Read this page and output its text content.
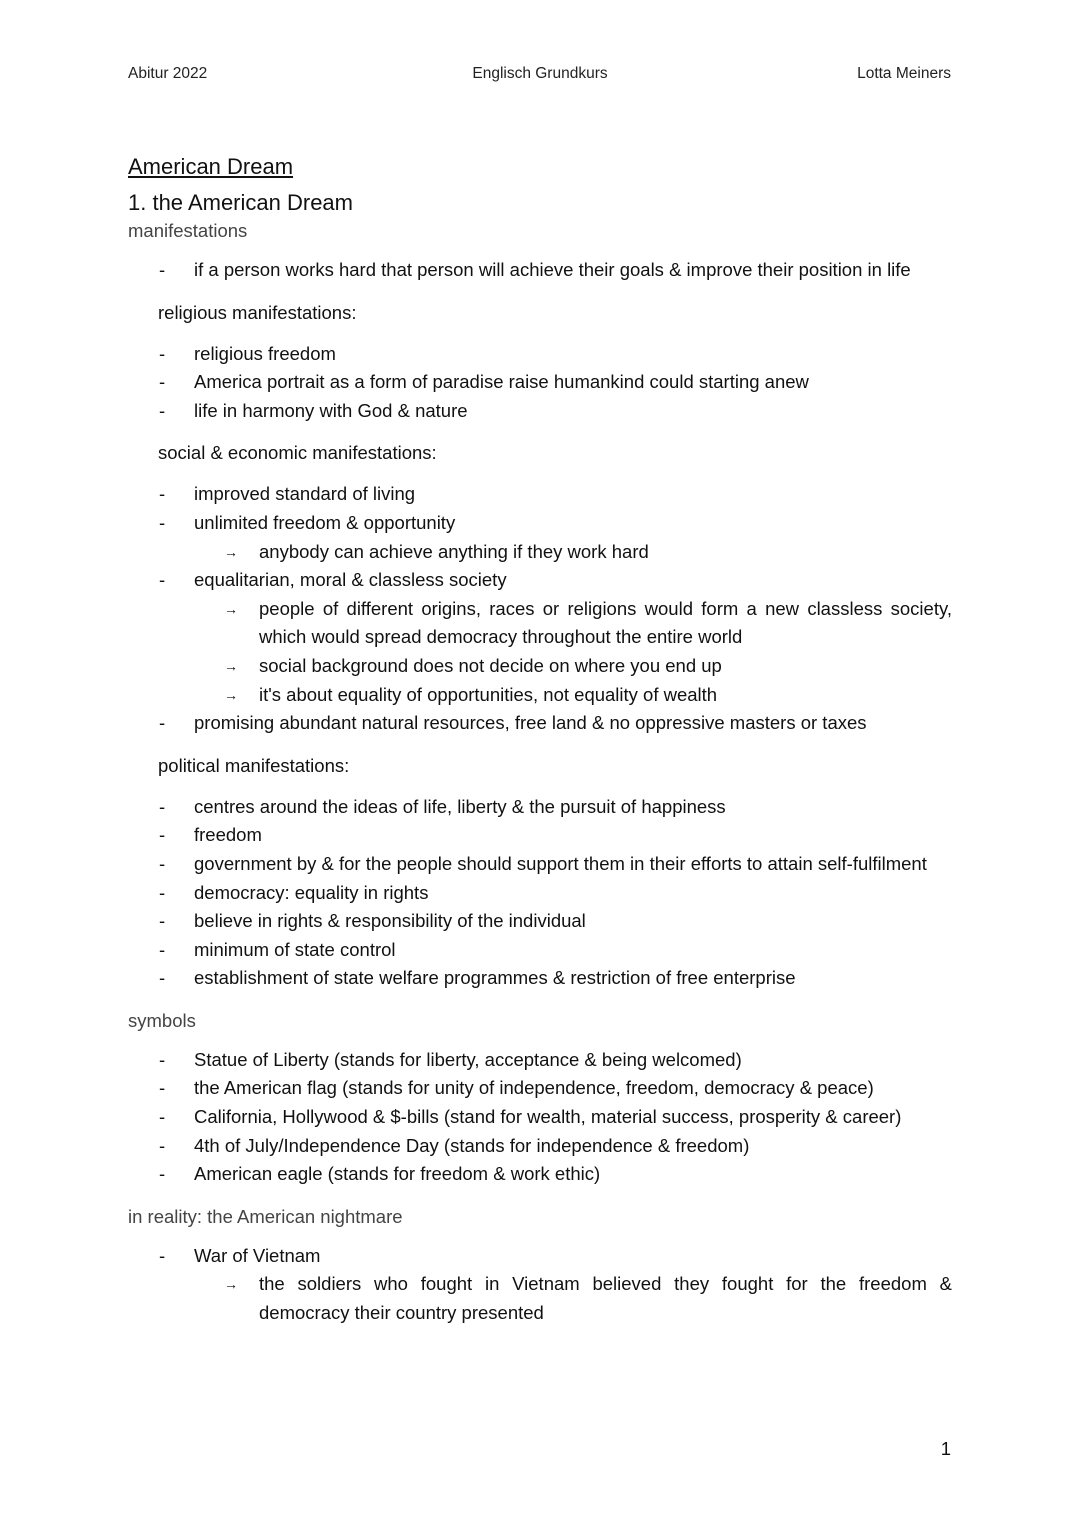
Abitur 2022	Englisch Grundkurs	Lotta Meiners
American Dream
1. the American Dream
manifestations
- if a person works hard that person will achieve their goals & improve their position in life
religious manifestations:
- religious freedom
- America portrait as a form of paradise raise humankind could starting anew
- life in harmony with God & nature
social & economic manifestations:
- improved standard of living
- unlimited freedom & opportunity
→ anybody can achieve anything if they work hard
- equalitarian, moral & classless society
→ people of different origins, races or religions would form a new classless society, which would spread democracy throughout the entire world
→ social background does not decide on where you end up
→ it's about equality of opportunities, not equality of wealth
- promising abundant natural resources, free land & no oppressive masters or taxes
political manifestations:
- centres around the ideas of life, liberty & the pursuit of happiness
- freedom
- government by & for the people should support them in their efforts to attain self-fulfilment
- democracy: equality in rights
- believe in rights & responsibility of the individual
- minimum of state control
- establishment of state welfare programmes & restriction of free enterprise
symbols
- Statue of Liberty (stands for liberty, acceptance & being welcomed)
- the American flag (stands for unity of independence, freedom, democracy & peace)
- California, Hollywood & $-bills (stand for wealth, material success, prosperity & career)
- 4th of July/Independence Day (stands for independence & freedom)
- American eagle (stands for freedom & work ethic)
in reality: the American nightmare
- War of Vietnam
→ the soldiers who fought in Vietnam believed they fought for the freedom & democracy their country presented
1
